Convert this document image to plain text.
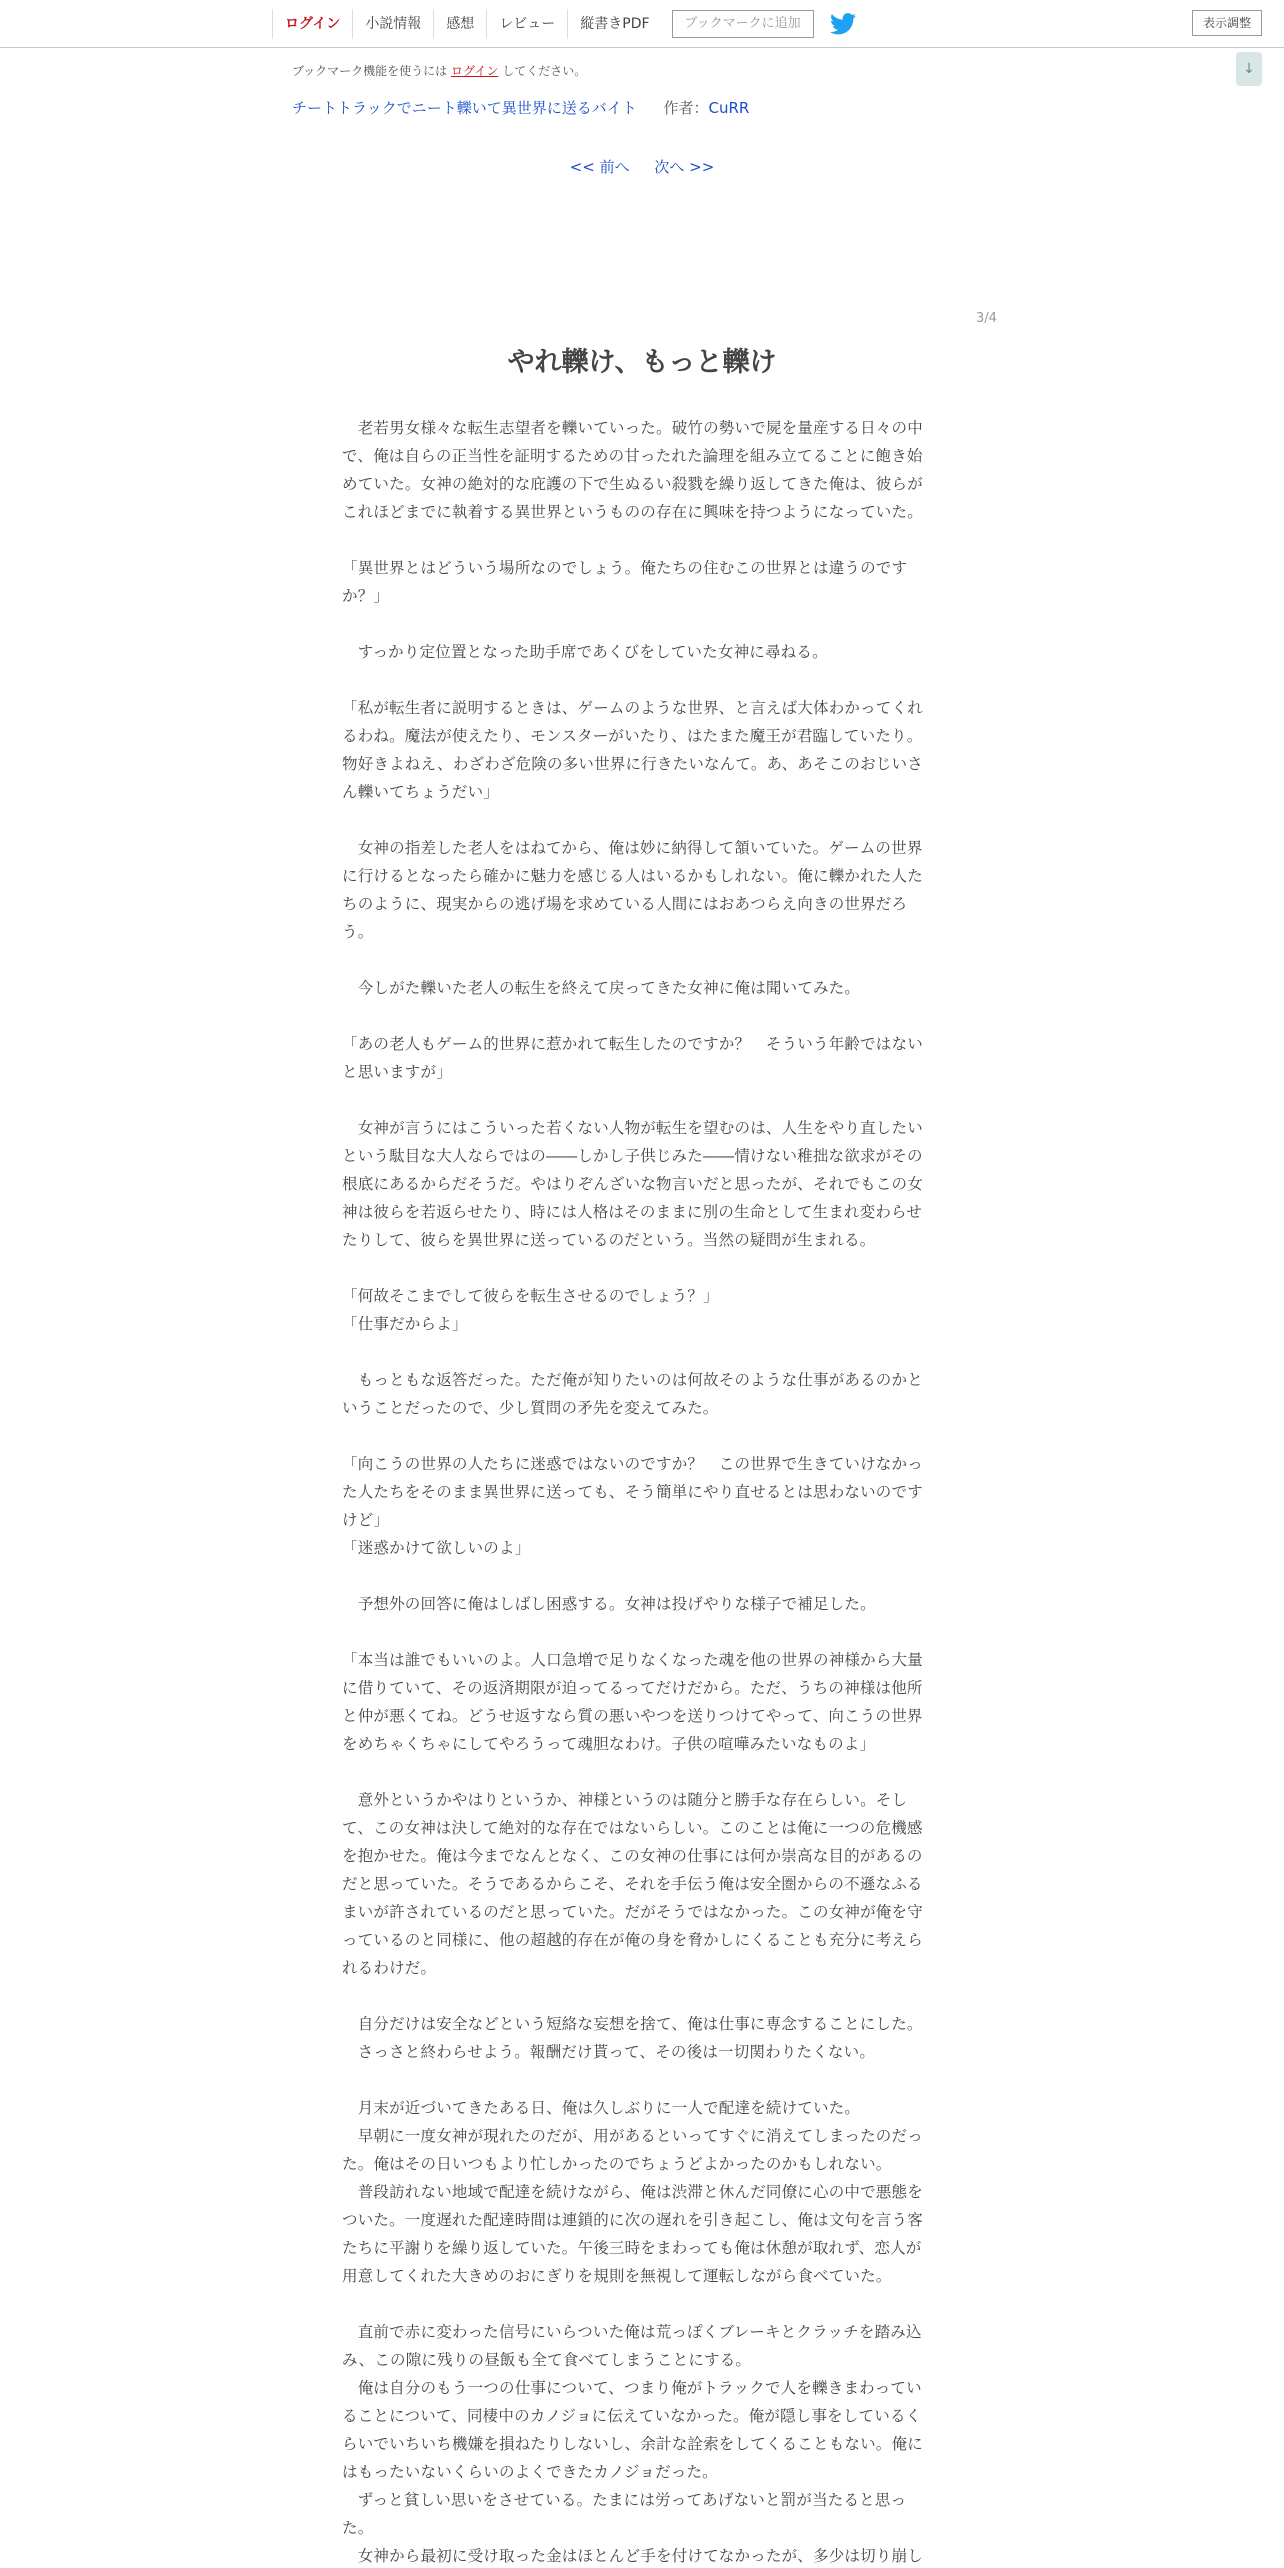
ログイン	小説情報	感想	レビュー	縦書きPDF	ブックマークに追加	表示調整
↓
ブックマーク機能を使うには ログイン してください。
チートトラックでニート轢いて異世界に送るバイト 作者：CuRR
<< 前へ 次へ >>
3/4
やれ轢け、もっと轢け

　老若男女様々な転生志望者を轢いていった。破竹の勢いで屍を量産する日々の中

で、俺は自らの正当性を証明するための甘ったれた論理を組み立てることに飽き始

めていた。女神の絶対的な庇護の下で生ぬるい殺戮を繰り返してきた俺は、彼らが

これほどまでに執着する異世界というものの存在に興味を持つようになっていた。

「異世界とはどういう場所なのでしょう。俺たちの住むこの世界とは違うのです

か？」

　すっかり定位置となった助手席であくびをしていた女神に尋ねる。

「私が転生者に説明するときは、ゲームのような世界、と言えば大体わかってくれ

るわね。魔法が使えたり、モンスターがいたり、はたまた魔王が君臨していたり。

物好きよねえ、わざわざ危険の多い世界に行きたいなんて。あ、あそこのおじいさ

ん轢いてちょうだい」

　女神の指差した老人をはねてから、俺は妙に納得して頷いていた。ゲームの世界

に行けるとなったら確かに魅力を感じる人はいるかもしれない。俺に轢かれた人た

ちのように、現実からの逃げ場を求めている人間にはおあつらえ向きの世界だろ

う。

　今しがた轢いた老人の転生を終えて戻ってきた女神に俺は聞いてみた。

「あの老人もゲーム的世界に惹かれて転生したのですか？　そういう年齢ではない

と思いますが」

　女神が言うにはこういった若くない人物が転生を望むのは、人生をやり直したい

という駄目な大人ならではの――しかし子供じみた――情けない稚拙な欲求がその

根底にあるからだそうだ。やはりぞんざいな物言いだと思ったが、それでもこの女

神は彼らを若返らせたり、時には人格はそのままに別の生命として生まれ変わらせ

たりして、彼らを異世界に送っているのだという。当然の疑問が生まれる。

「何故そこまでして彼らを転生させるのでしょう？」

「仕事だからよ」

　もっともな返答だった。ただ俺が知りたいのは何故そのような仕事があるのかと

いうことだったので、少し質問の矛先を変えてみた。

「向こうの世界の人たちに迷惑ではないのですか？　この世界で生きていけなかっ

た人たちをそのまま異世界に送っても、そう簡単にやり直せるとは思わないのです

けど」

「迷惑かけて欲しいのよ」

　予想外の回答に俺はしばし困惑する。女神は投げやりな様子で補足した。

「本当は誰でもいいのよ。人口急増で足りなくなった魂を他の世界の神様から大量

に借りていて、その返済期限が迫ってるってだけだから。ただ、うちの神様は他所

と仲が悪くてね。どうせ返すなら質の悪いやつを送りつけてやって、向こうの世界

をめちゃくちゃにしてやろうって魂胆なわけ。子供の喧嘩みたいなものよ」

　意外というかやはりというか、神様というのは随分と勝手な存在らしい。そし

て、この女神は決して絶対的な存在ではないらしい。このことは俺に一つの危機感

を抱かせた。俺は今までなんとなく、この女神の仕事には何か崇高な目的があるの

だと思っていた。そうであるからこそ、それを手伝う俺は安全圏からの不遜なふる

まいが許されているのだと思っていた。だがそうではなかった。この女神が俺を守

っているのと同様に、他の超越的存在が俺の身を脅かしにくることも充分に考えら

れるわけだ。

　自分だけは安全などという短絡な妄想を捨て、俺は仕事に専念することにした。

　さっさと終わらせよう。報酬だけ貰って、その後は一切関わりたくない。

　月末が近づいてきたある日、俺は久しぶりに一人で配達を続けていた。

　早朝に一度女神が現れたのだが、用があるといってすぐに消えてしまったのだっ

た。俺はその日いつもより忙しかったのでちょうどよかったのかもしれない。

　普段訪れない地域で配達を続けながら、俺は渋滞と休んだ同僚に心の中で悪態を

ついた。一度遅れた配達時間は連鎖的に次の遅れを引き起こし、俺は文句を言う客

たちに平謝りを繰り返していた。午後三時をまわっても俺は休憩が取れず、恋人が

用意してくれた大きめのおにぎりを規則を無視して運転しながら食べていた。

　直前で赤に変わった信号にいらついた俺は荒っぽくブレーキとクラッチを踏み込

み、この隙に残りの昼飯も全て食べてしまうことにする。

　俺は自分のもう一つの仕事について、つまり俺がトラックで人を轢きまわってい

ることについて、同棲中のカノジョに伝えていなかった。俺が隠し事をしているく

らいでいちいち機嫌を損ねたりしないし、余計な詮索をしてくることもない。俺に

はもったいないくらいのよくできたカノジョだった。

　ずっと貧しい思いをさせている。たまには労ってあげないと罰が当たると思っ

た。

　女神から最初に受け取った金はほとんど手を付けてなかったが、多少は切り崩し
